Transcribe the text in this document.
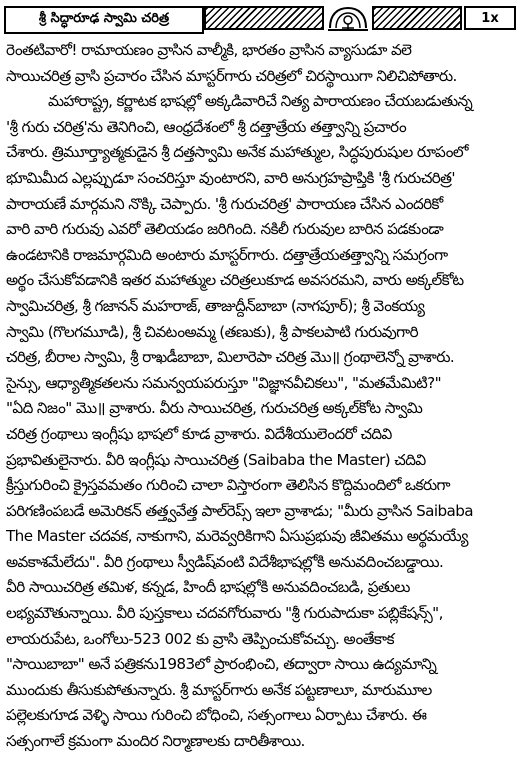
శ్రీ సిద్ధారూఢ స్వామి చరిత్ర	1x
రెంతటివారో! రామాయణం వ్రాసిన వాల్మీకి, భారతం వ్రాసిన వ్యాసుడూ వలె
సాయిచరిత్ర వ్రాసి ప్రచారం చేసిన మాస్టర్‌గారు చరిత్రలో చిరస్థాయిగా నిలిచిపోతారు.
మహారాష్ట్ర, కర్ణాటక భాషల్లో అక్కడివారిచే నిత్య పారాయణం చేయబడుతున్న
'శ్రీ గురు చరిత్ర'ను తెనిగించి, ఆంధ్రదేశంలో శ్రీ దత్తాత్రేయ తత్త్వాన్ని ప్రచారం
చేశారు. త్రిమూర్త్యాత్మకుడైన శ్రీ దత్తస్వామి అనేక మహాత్ముల, సిద్ధపురుషుల రూపంలో
భూమిమీద ఎల్లప్పుడూ సంచరిస్తూ వుంటారని, వారి అనుగ్రహప్రాప్తికి 'శ్రీ గురుచరిత్ర'
పారాయణే మార్గమని నొక్కి చెప్పారు. 'శ్రీ గురుచరిత్ర' పారాయణ చేసిన ఎందరికో
వారి వారి గురువు ఎవరో తెలియడం జరిగింది. నకిలీ గురువుల బారిన పడకుండా
ఉండటానికి రాజమార్గమిది అంటారు మాస్టర్‌గారు. దత్తాత్రేయతత్త్వాన్ని సమగ్రంగా
అర్థం చేసుకోవడానికి ఇతర మహాత్ముల చరిత్రలుకూడ అవసరమని, వారు అక్కల్‌కోట
స్వామిచరిత్ర, శ్రీ గజానన్ మహరాజ్, తాజుద్దీన్‌బాబా (నాగపూర్); శ్రీ వెంకయ్య
స్వామి (గొలగమూడి), శ్రీ చివటంఅమ్మ (తణుకు), శ్రీ పాకలపాటి గురువుగారి
చరిత్ర, బీరాల స్వామి, శ్రీ రాఖడీబాబా, మిలారెపా చరిత్ర మొ॥ గ్రంథాలెన్నో వ్రాశారు.
సైన్సు, ఆధ్యాత్మికతలను సమన్వయపరుస్తూ "విజ్ఞానవీచికలు", "మతమేమిటి?"
"ఏది నిజం" మొ॥ వ్రాశారు. వీరు సాయిచరిత్ర, గురుచరిత్ర అక్కల్‌కోట స్వామి
చరిత్ర గ్రంథాలు ఇంగ్లీషు భాషలో కూడ వ్రాశారు. విదేశీయులెందరో చదివి
ప్రభావితులైనారు. వీరి ఇంగ్లీషు సాయిచరిత్ర (Saibaba the Master) చదివి
క్రీస్తుగురించి క్రైస్తవమతం గురించి చాలా విస్తారంగా తెలిసిన కొద్దిమందిలో ఒకరుగా
పరిగణింపబడే అమెరికన్ తత్త్వవేత్త పాల్‌రెప్స్ ఇలా వ్రాశాడు; "మీరు వ్రాసిన Saibaba
The Master చదవక, నాకుగాని, మరెవ్వరికిగాని ఏసుప్రభువు జీవితము అర్థమయ్యే
అవకాశమేలేదు". వీరి గ్రంథాలు స్వీడిష్‌వంటి విదేశీభాషల్లోకి అనువదించబడ్డాయి.
వీరి సాయిచరిత్ర తమిళ, కన్నడ, హిందీ భాషల్లోకి అనువదించబడి, ప్రతులు
లభ్యమౌతున్నాయి. వీరి పుస్తకాలు చదవగోరువారు "శ్రీ గురుపాదుకా పబ్లికేషన్స్",
లాయరుపేట, ఒంగోలు-523 002 కు వ్రాసి తెప్పించుకోవచ్చు. అంతేకాక
"సాయిబాబా" అనే పత్రికను1983లో ప్రారంభించి, తద్వారా సాయి ఉద్యమాన్ని
ముందుకు తీసుకుపోతున్నారు. శ్రీ మాస్టర్‌గారు అనేక పట్టణాలూ, మారుమూల
పల్లెలకుగూడ వెళ్ళి సాయి గురించి బోధించి, సత్సంగాలు ఏర్పాటు చేశారు. ఈ
సత్సంగాలే క్రమంగా మందిర నిర్మాణాలకు దారితీశాయి.
